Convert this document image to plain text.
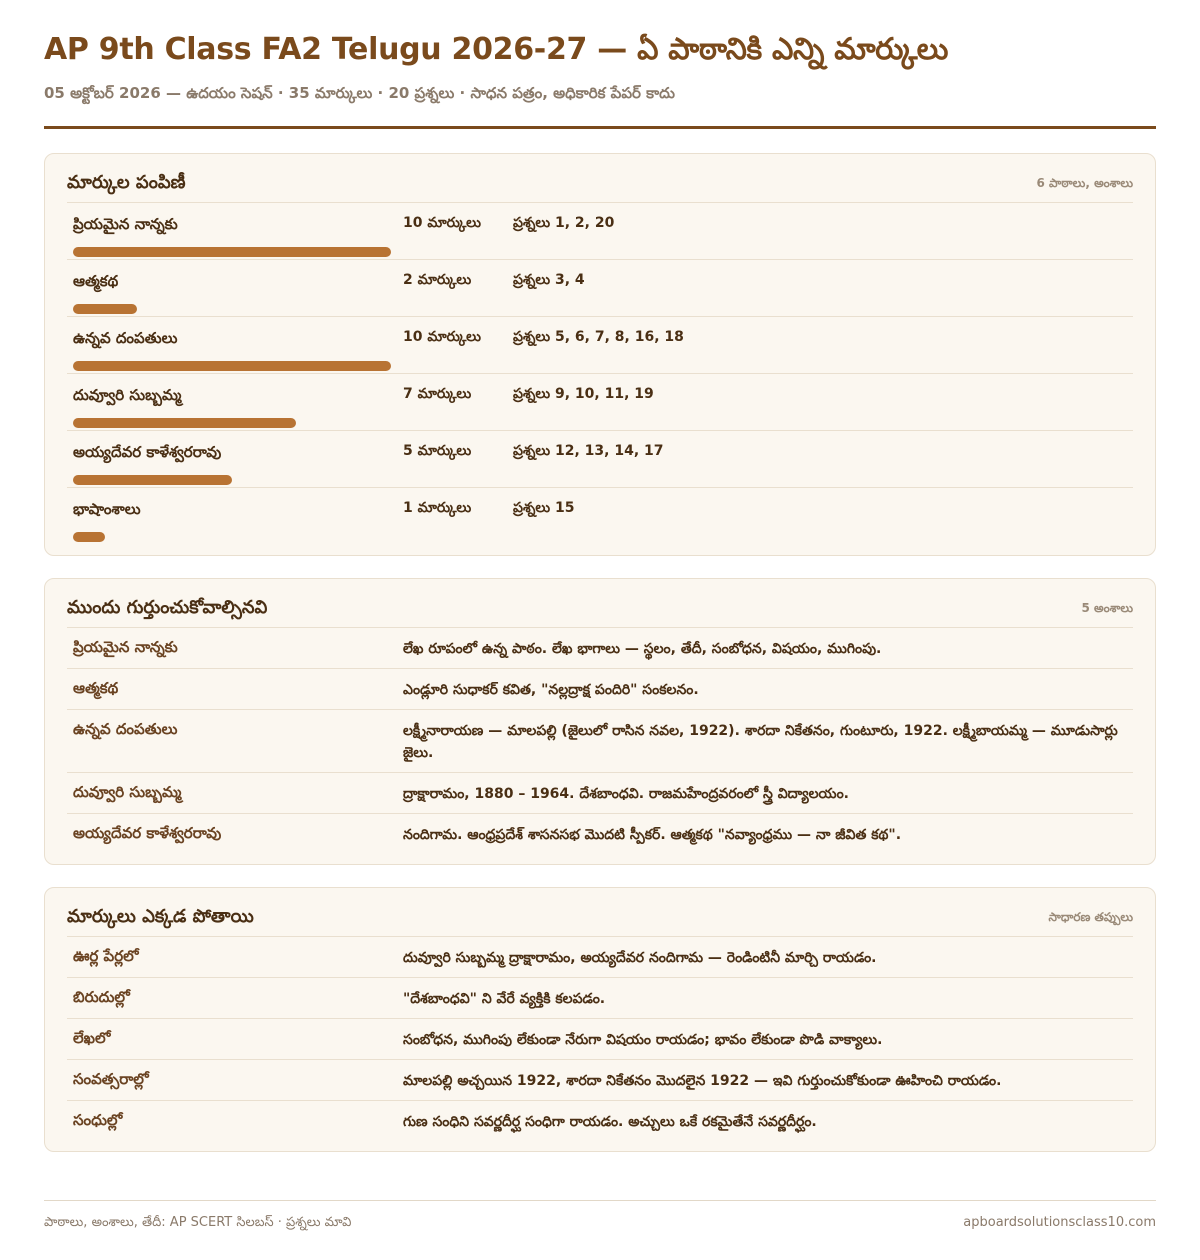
AP 9th Class FA2 Telugu 2026-27 — ఏ పాఠానికి ఎన్ని మార్కులు
05 అక్టోబర్ 2026 — ఉదయం సెషన్ · 35 మార్కులు · 20 ప్రశ్నలు · సాధన పత్రం, అధికారిక పేపర్ కాదు
మార్కుల పంపిణీ	6 పాఠాలు, అంశాలు
ప్రియమైన నాన్నకు	10 మార్కులు	ప్రశ్నలు 1, 2, 20
ఆత్మకథ	2 మార్కులు	ప్రశ్నలు 3, 4
ఉన్నవ దంపతులు	10 మార్కులు	ప్రశ్నలు 5, 6, 7, 8, 16, 18
దువ్వూరి సుబ్బమ్మ	7 మార్కులు	ప్రశ్నలు 9, 10, 11, 19
అయ్యదేవర కాళేశ్వరరావు	5 మార్కులు	ప్రశ్నలు 12, 13, 14, 17
భాషాంశాలు	1 మార్కులు	ప్రశ్నలు 15
ముందు గుర్తుంచుకోవాల్సినవి	5 అంశాలు
ప్రియమైన నాన్నకు	లేఖ రూపంలో ఉన్న పాఠం. లేఖ భాగాలు — స్థలం, తేదీ, సంబోధన, విషయం, ముగింపు.
ఆత్మకథ	ఎండ్లూరి సుధాకర్ కవిత, "నల్లద్రాక్ష పందిరి" సంకలనం.
ఉన్నవ దంపతులు	లక్ష్మీనారాయణ — మాలపల్లి (జైలులో రాసిన నవల, 1922). శారదా నికేతనం, గుంటూరు, 1922. లక్ష్మీబాయమ్మ — మూడుసార్లు జైలు.
దువ్వూరి సుబ్బమ్మ	ద్రాక్షారామం, 1880 – 1964. దేశబాంధవి. రాజమహేంద్రవరంలో స్త్రీ విద్యాలయం.
అయ్యదేవర కాళేశ్వరరావు	నందిగామ. ఆంధ్రప్రదేశ్ శాసనసభ మొదటి స్పీకర్. ఆత్మకథ "నవ్యాంధ్రము — నా జీవిత కథ".
మార్కులు ఎక్కడ పోతాయి	సాధారణ తప్పులు
ఊర్ల పేర్లలో	దువ్వూరి సుబ్బమ్మ ద్రాక్షారామం, అయ్యదేవర నందిగామ — రెండింటినీ మార్చి రాయడం.
బిరుదుల్లో	"దేశబాంధవి" ని వేరే వ్యక్తికి కలపడం.
లేఖలో	సంబోధన, ముగింపు లేకుండా నేరుగా విషయం రాయడం; భావం లేకుండా పొడి వాక్యాలు.
సంవత్సరాల్లో	మాలపల్లి అచ్చయిన 1922, శారదా నికేతనం మొదలైన 1922 — ఇవి గుర్తుంచుకోకుండా ఊహించి రాయడం.
సంధుల్లో	గుణ సంధిని సవర్ణదీర్ఘ సంధిగా రాయడం. అచ్చులు ఒకే రకమైతేనే సవర్ణదీర్ఘం.
పాఠాలు, అంశాలు, తేదీ: AP SCERT సిలబస్ · ప్రశ్నలు మావి	apboardsolutionsclass10.com
